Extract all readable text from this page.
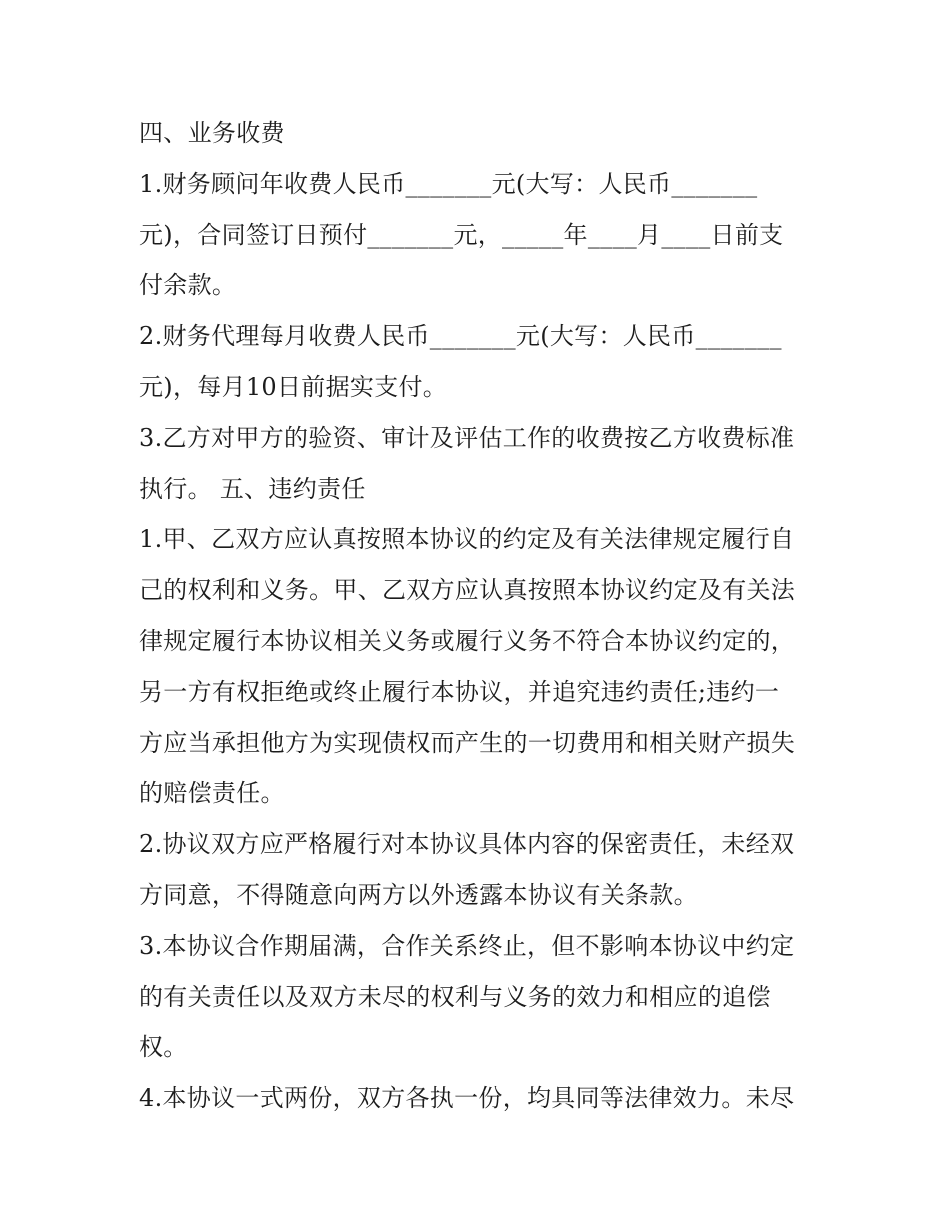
四、业务收费
1.财务顾问年收费人民币_______元(大写：人民币_______
元)，合同签订日预付_______元，_____年____月____日前支
付余款。
2.财务代理每月收费人民币_______元(大写：人民币_______
元)，每月10日前据实支付。
3.乙方对甲方的验资、审计及评估工作的收费按乙方收费标准
执行。 五、违约责任
1.甲、乙双方应认真按照本协议的约定及有关法律规定履行自
己的权利和义务。甲、乙双方应认真按照本协议约定及有关法
律规定履行本协议相关义务或履行义务不符合本协议约定的，
另一方有权拒绝或终止履行本协议，并追究违约责任;违约一
方应当承担他方为实现债权而产生的一切费用和相关财产损失
的赔偿责任。
2.协议双方应严格履行对本协议具体内容的保密责任，未经双
方同意，不得随意向两方以外透露本协议有关条款。
3.本协议合作期届满，合作关系终止，但不影响本协议中约定
的有关责任以及双方未尽的权利与义务的效力和相应的追偿
权。
4.本协议一式两份，双方各执一份，均具同等法律效力。未尽
